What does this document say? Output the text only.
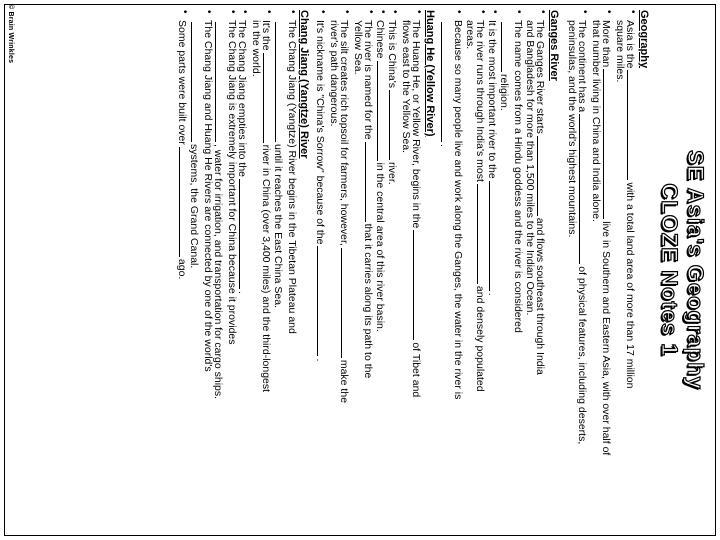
SE Asia's Geography
CLOZE Notes 1
Geography
•
Asia is thewith a total land area of more than 17 million
square miles.
•
More thanlive in Southern and Eastern Asia, with over half of
that number living in China and India alone.
•
The continent has aof physical features, including deserts,
peninsulas, and the world's highest mountains.
Ganges River
•
The Ganges River startsand flows southeast through India
and Bangladesh for more than 1,500 miles to the Indian Ocean.
•
The name comes from a Hindu goddess and the river is considered
religion.
•
It is the most important river to the.
•
The river runs through India's mostand densely populated
areas.
•
Because so many people live and work along the Ganges, the water in the river is
.
Huang He (Yellow River)
•
The Huang He, or Yellow River, begins in theof Tibet and
flows east to the Yellow Sea.
•
This is China'sriver.
•
Chinesein the central area of this river basin.
•
The river is named for thethat it carries along its path to the
Yellow Sea.
•
The silt creates rich topsoil for farmers, however,make the
river's path dangerous.
•
It's nickname is "China's Sorrow" because of the.
Chang Jiang (Yangtze) River
•
The Chang Jiang (Yangtze) River begins in the Tibetan Plateau and
until it reaches the East China Sea.
•
It's theriver in China (over 3,400 miles) and the third-longest
in the world.
•
The Chang Jiang empties into the.
•
The Chang Jiang is extremely important for China because it provides
, water for irrigation, and transportation for cargo ships.
•
The Chang Jiang and Huang He Rivers are connected by one of the world's
systems, the Grand Canal.
•
Some parts were built overago.
© Brain Wrinkles
